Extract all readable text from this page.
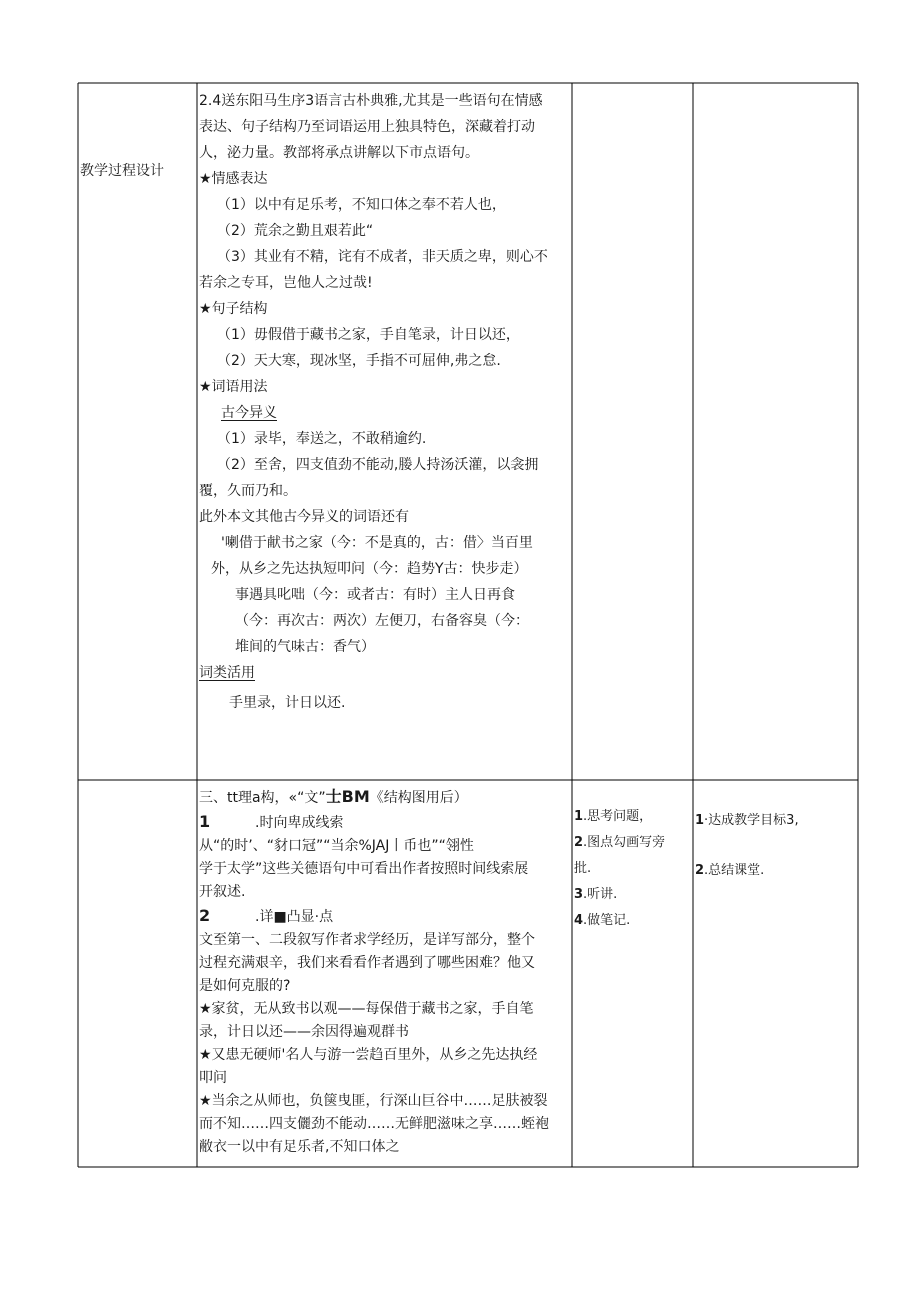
教学过程设计
2.4送东阳马生序3语言古朴典雅,尤其是一些语句在情感
表达、句子结构乃至词语运用上独具特色，深藏着打动
人，泌力量。教部将承点讲解以下市点语句。
★情感表达
（1）以中有足乐考，不知口体之奉不若人也，
（2）荒余之勤且艰若此“
（3）其业有不精，诧有不成者，非天质之卑，则心不
若余之专耳，岂他人之过哉!
★句子结构
（1）毋假借于藏书之家，手自笔录，计日以还，
（2）天大寒，现冰坚，手指不可屈伸,弗之怠.
★词语用法
古今异义
（1）录毕，奉送之，不敢稍逾约.
（2）至舍，四支值劲不能动,媵人持汤沃灌，以衾拥
覆，久而乃和。
此外本文其他古今异义的词语还有
'喇借于献书之家（今：不是真的，古：借〉当百里
外，从乡之先达执短叩问（今：趋势Y古：快步走）
事遇具叱咄（今：或者古：有时）主人日再食
（今：再次古：两次）左便刀，右备容臭（今：
堆间的气味古：香气）
词类活用
手里录，计日以还.
三、tt理a构，«“文”士BM《结构图用后）
1	.时向卑成线索
从“的时’、“豺口冠”“当余%JAJ丨币也”“翎性
学于太学”这些关德语句中可看出作者按照时间线索展
开叙述.
2	.详■凸显·点
文至第一、二段叙写作者求学经历，是详写部分，整个
过程充满艰辛，我们来看看作者遇到了哪些困难？他又
是如何克服的?
★家贫，无从致书以观——每保借于藏书之家，手自笔
录，计日以还——余因得遍观群书
★又患无硬师'名人与游一尝趋百里外，从乡之先达执经
叩问
★当余之从师也，负箧曳匪，行深山巨谷中……足肤被裂
而不知……四支儷劲不能动……无鲜肥滋味之享……蛭袍
敝衣一以中有足乐者,不知口体之
1.思考问题，
2.图点勾画写旁
批.
3.听讲.
4.做笔记.
1·达成教学目标3,
2.总结课堂.
